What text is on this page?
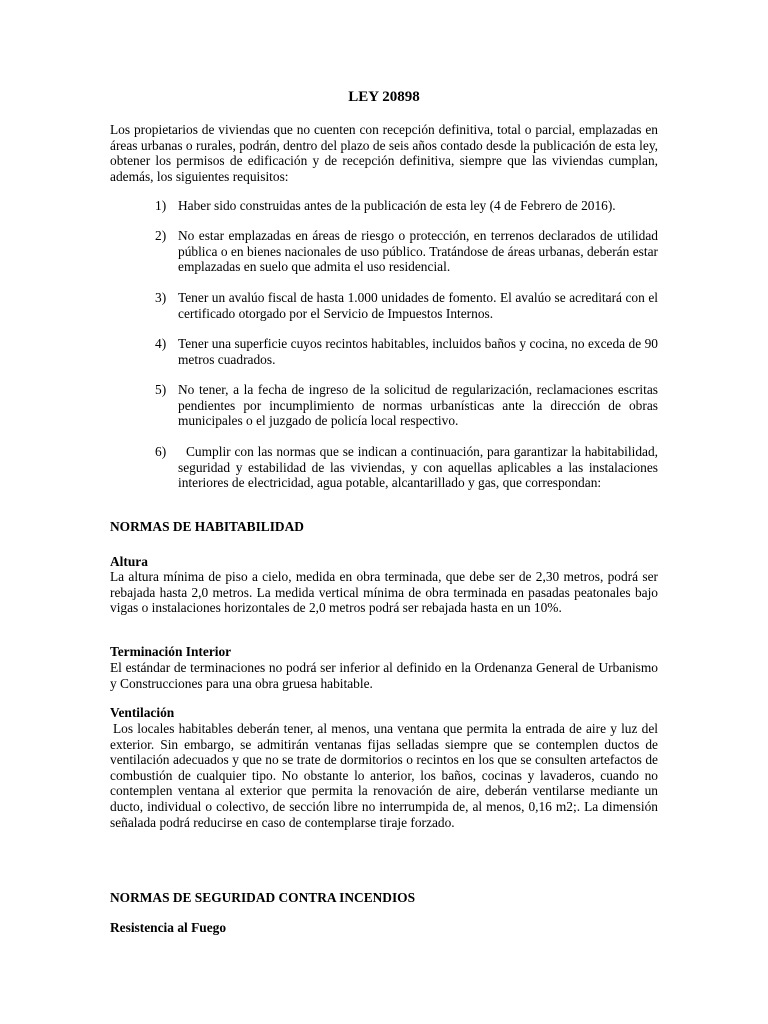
LEY 20898

Los propietarios de viviendas que no cuenten con recepción definitiva, total o parcial, emplazadas en áreas urbanas o rurales, podrán, dentro del plazo de seis años contado desde la publicación de esta ley, obtener los permisos de edificación y de recepción definitiva, siempre que las viviendas cumplan, además, los siguientes requisitos:

1) Haber sido construidas antes de la publicación de esta ley (4 de Febrero de 2016).

2) No estar emplazadas en áreas de riesgo o protección, en terrenos declarados de utilidad pública o en bienes nacionales de uso público. Tratándose de áreas urbanas, deberán estar emplazadas en suelo que admita el uso residencial.

3) Tener un avalúo fiscal de hasta 1.000 unidades de fomento. El avalúo se acreditará con el certificado otorgado por el Servicio de Impuestos Internos.

4) Tener una superficie cuyos recintos habitables, incluidos baños y cocina, no exceda de 90 metros cuadrados.

5) No tener, a la fecha de ingreso de la solicitud de regularización, reclamaciones escritas pendientes por incumplimiento de normas urbanísticas ante la dirección de obras municipales o el juzgado de policía local respectivo.

6)	Cumplir con las normas que se indican a continuación, para garantizar la habitabilidad, seguridad y estabilidad de las viviendas, y con aquellas aplicables a las instalaciones interiores de electricidad, agua potable, alcantarillado y gas, que correspondan:

NORMAS DE HABITABILIDAD

Altura

La altura mínima de piso a cielo, medida en obra terminada, que debe ser de 2,30 metros, podrá ser rebajada hasta 2,0 metros. La medida vertical mínima de obra terminada en pasadas peatonales bajo vigas o instalaciones horizontales de 2,0 metros podrá ser rebajada hasta en un 10%.

Terminación Interior

El estándar de terminaciones no podrá ser inferior al definido en la Ordenanza General de Urbanismo y Construcciones para una obra gruesa habitable.

Ventilación

Los locales habitables deberán tener, al menos, una ventana que permita la entrada de aire y luz del exterior. Sin embargo, se admitirán ventanas fijas selladas siempre que se contemplen ductos de ventilación adecuados y que no se trate de dormitorios o recintos en los que se consulten artefactos de combustión de cualquier tipo. No obstante lo anterior, los baños, cocinas y lavaderos, cuando no contemplen ventana al exterior que permita la renovación de aire, deberán ventilarse mediante un ducto, individual o colectivo, de sección libre no interrumpida de, al menos, 0,16 m2;. La dimensión señalada podrá reducirse en caso de contemplarse tiraje forzado.

NORMAS DE SEGURIDAD CONTRA INCENDIOS

Resistencia al Fuego
